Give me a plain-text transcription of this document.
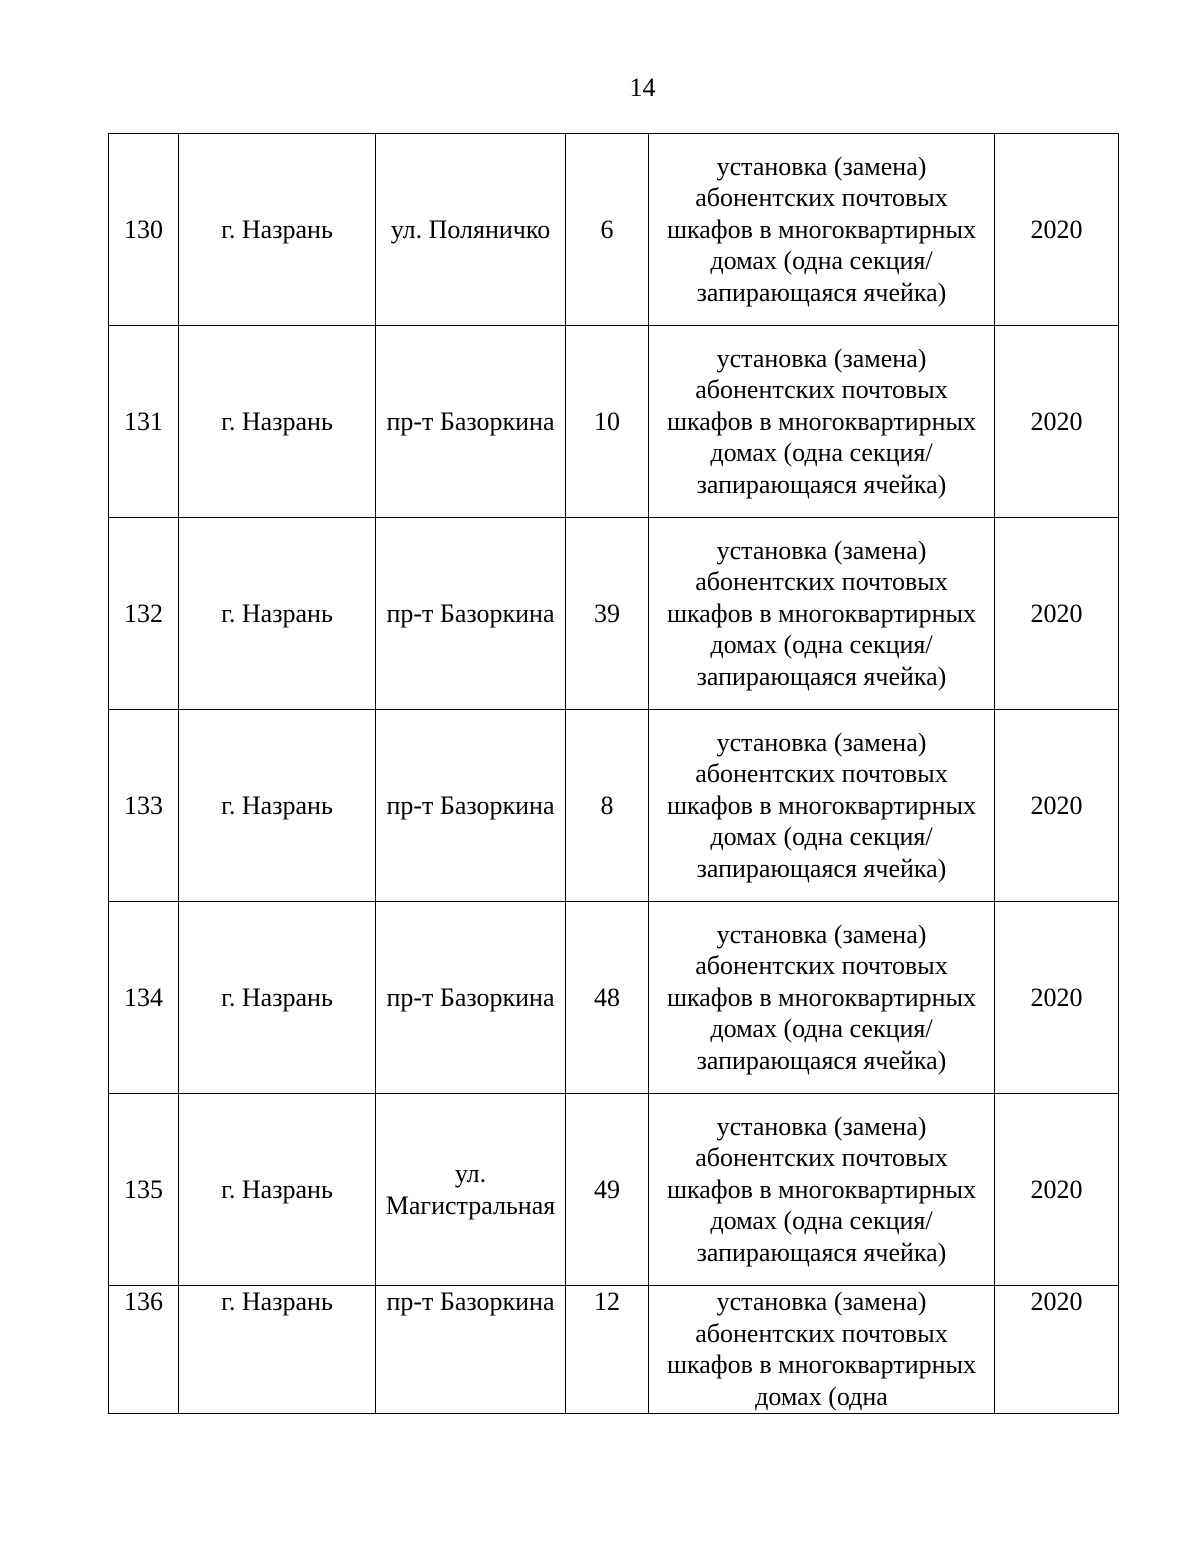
14
130	г. Назрань	ул. Поляничко	6	установка (замена) абонентских почтовых шкафов в многоквартирных домах (одна секция/запирающаяся ячейка)	2020
131	г. Назрань	пр-т Базоркина	10	установка (замена) абонентских почтовых шкафов в многоквартирных домах (одна секция/запирающаяся ячейка)	2020
132	г. Назрань	пр-т Базоркина	39	установка (замена) абонентских почтовых шкафов в многоквартирных домах (одна секция/запирающаяся ячейка)	2020
133	г. Назрань	пр-т Базоркина	8	установка (замена) абонентских почтовых шкафов в многоквартирных домах (одна секция/запирающаяся ячейка)	2020
134	г. Назрань	пр-т Базоркина	48	установка (замена) абонентских почтовых шкафов в многоквартирных домах (одна секция/запирающаяся ячейка)	2020
135	г. Назрань	ул. Магистральная	49	установка (замена) абонентских почтовых шкафов в многоквартирных домах (одна секция/запирающаяся ячейка)	2020
136	г. Назрань	пр-т Базоркина	12	установка (замена) абонентских почтовых шкафов в многоквартирных домах (одна	2020
